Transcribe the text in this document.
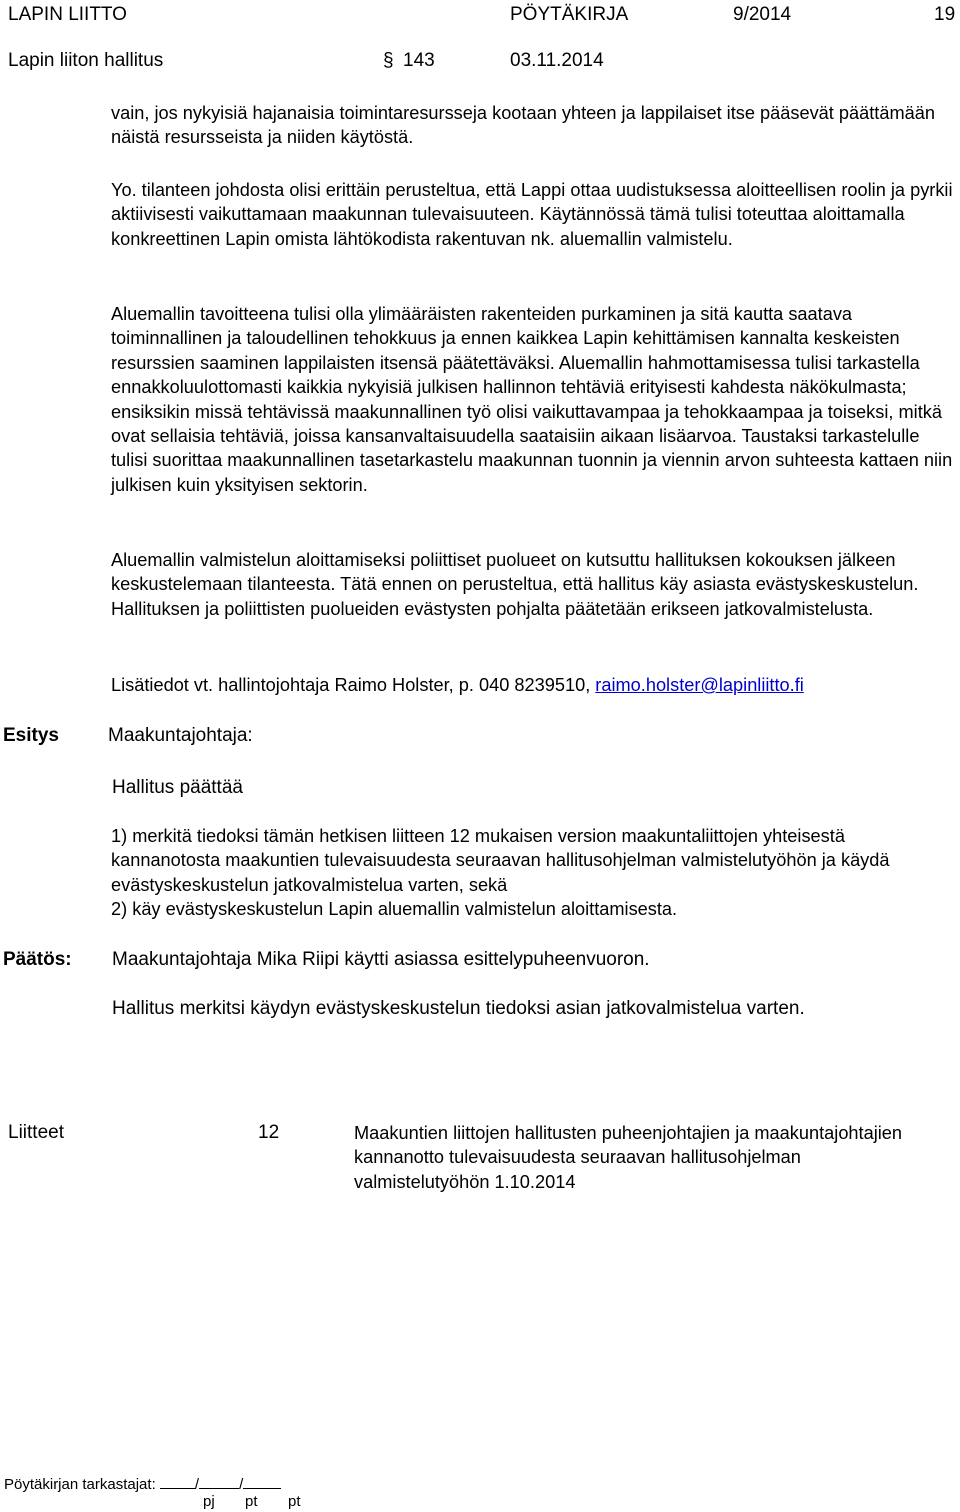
LAPIN LIITTO	PÖYTÄKIRJA	9/2014	19
Lapin liiton hallitus	§ 143	03.11.2014

vain, jos nykyisiä hajanaisia toimintaresursseja kootaan yhteen ja lappilaiset itse pääsevät päättämään näistä resursseista ja niiden käytöstä.

Yo. tilanteen johdosta olisi erittäin perusteltua, että Lappi ottaa uudistuksessa aloitteellisen roolin ja pyrkii aktiivisesti vaikuttamaan maakunnan tulevaisuuteen. Käytännössä tämä tulisi toteuttaa aloittamalla konkreettinen Lapin omista lähtökodista rakentuvan nk. aluemallin valmistelu.

Aluemallin tavoitteena tulisi olla ylimääräisten rakenteiden purkaminen ja sitä kautta saatava toiminnallinen ja taloudellinen tehokkuus ja ennen kaikkea Lapin kehittämisen kannalta keskeisten resurssien saaminen lappilaisten itsensä päätettäväksi. Aluemallin hahmottamisessa tulisi tarkastella ennakkoluulottomasti kaikkia nykyisiä julkisen hallinnon tehtäviä erityisesti kahdesta näkökulmasta; ensiksikin missä tehtävissä maakunnallinen työ olisi vaikuttavampaa ja tehokkaampaa ja toiseksi, mitkä ovat sellaisia tehtäviä, joissa kansanvaltaisuudella saataisiin aikaan lisäarvoa. Taustaksi tarkastelulle tulisi suorittaa maakunnallinen tasetarkastelu maakunnan tuonnin ja viennin arvon suhteesta kattaen niin julkisen kuin yksityisen sektorin.

Aluemallin valmistelun aloittamiseksi poliittiset puolueet on kutsuttu hallituksen kokouksen jälkeen keskustelemaan tilanteesta. Tätä ennen on perusteltua, että hallitus käy asiasta evästyskeskustelun. Hallituksen ja poliittisten puolueiden evästysten pohjalta päätetään erikseen jatkovalmistelusta.

Lisätiedot vt. hallintojohtaja Raimo Holster, p. 040 8239510, raimo.holster@lapinliitto.fi
Esitys	Maakuntajohtaja:
Hallitus päättää

1) merkitä tiedoksi tämän hetkisen liitteen 12 mukaisen version maakuntaliittojen yhteisestä kannanotosta maakuntien tulevaisuudesta seuraavan hallitusohjelman valmistelutyöhön ja käydä evästyskeskustelun jatkovalmistelua varten, sekä

2) käy evästyskeskustelun Lapin aluemallin valmistelun aloittamisesta.

Päätös: Maakuntajohtaja Mika Riipi käytti asiassa esittelypuheenvuoron.
Hallitus merkitsi käydyn evästyskeskustelun tiedoksi asian jatkovalmistelua varten.
Liitteet	12	Maakuntien liittojen hallitusten puheenjohtajien ja maakuntajohtajien kannanotto tulevaisuudesta seuraavan hallitusohjelman valmistelutyöhön 1.10.2014
Pöytäkirjan tarkastajat:	/	/
pj pt pt
